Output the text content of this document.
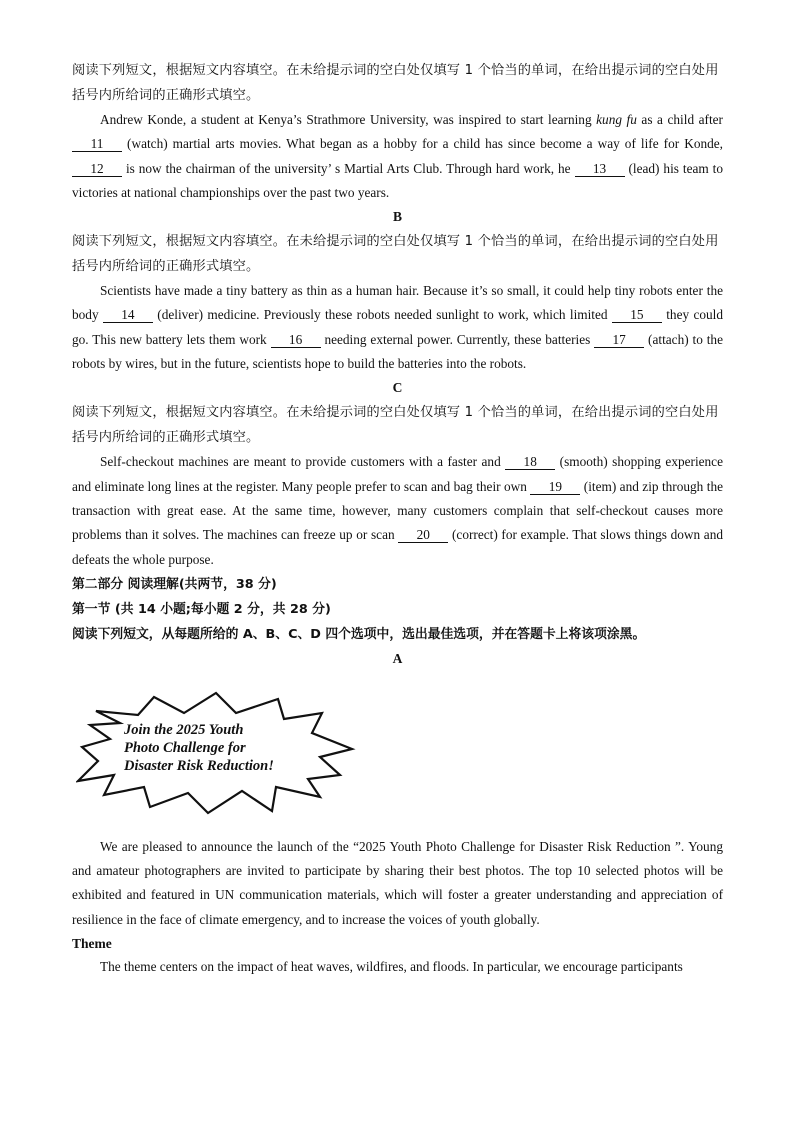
阅读下列短文，根据短文内容填空。在未给提示词的空白处仅填写 1 个恰当的单词，在给出提示词的空白处用括号内所给词的正确形式填空。

Andrew Konde, a student at Kenya’s Strathmore University, was inspired to start learning kung fu as a child after 11 (watch) martial arts movies. What began as a hobby for a child has since become a way of life for Konde, 12 is now the chairman of the university’ s Martial Arts Club. Through hard work, he 13 (lead) his team to victories at national championships over the past two years.

B

阅读下列短文，根据短文内容填空。在未给提示词的空白处仅填写 1 个恰当的单词，在给出提示词的空白处用括号内所给词的正确形式填空。

Scientists have made a tiny battery as thin as a human hair. Because it’s so small, it could help tiny robots enter the body 14 (deliver) medicine. Previously these robots needed sunlight to work, which limited 15 they could go. This new battery lets them work 16 needing external power. Currently, these batteries 17 (attach) to the robots by wires, but in the future, scientists hope to build the batteries into the robots.

C

阅读下列短文，根据短文内容填空。在未给提示词的空白处仅填写 1 个恰当的单词，在给出提示词的空白处用括号内所给词的正确形式填空。

Self-checkout machines are meant to provide customers with a faster and 18 (smooth) shopping experience and eliminate long lines at the register. Many people prefer to scan and bag their own 19 (item) and zip through the transaction with great ease. At the same time, however, many customers complain that self-checkout causes more problems than it solves. The machines can freeze up or scan 20 (correct) for example. That slows things down and defeats the whole purpose.

第二部分 阅读理解(共两节，38 分)

第一节 (共 14 小题;每小题 2 分，共 28 分)

阅读下列短文，从每题所给的 A、B、C、D 四个选项中，选出最佳选项，并在答题卡上将该项涂黑。

A

Join the 2025 Youth
Photo Challenge for
Disaster Risk Reduction!

We are pleased to announce the launch of the “2025 Youth Photo Challenge for Disaster Risk Reduction ”. Young and amateur photographers are invited to participate by sharing their best photos. The top 10 selected photos will be exhibited and featured in UN communication materials, which will foster a greater understanding and appreciation of resilience in the face of climate emergency, and to increase the voices of youth globally.

Theme

The theme centers on the impact of heat waves, wildfires, and floods. In particular, we encourage participants
